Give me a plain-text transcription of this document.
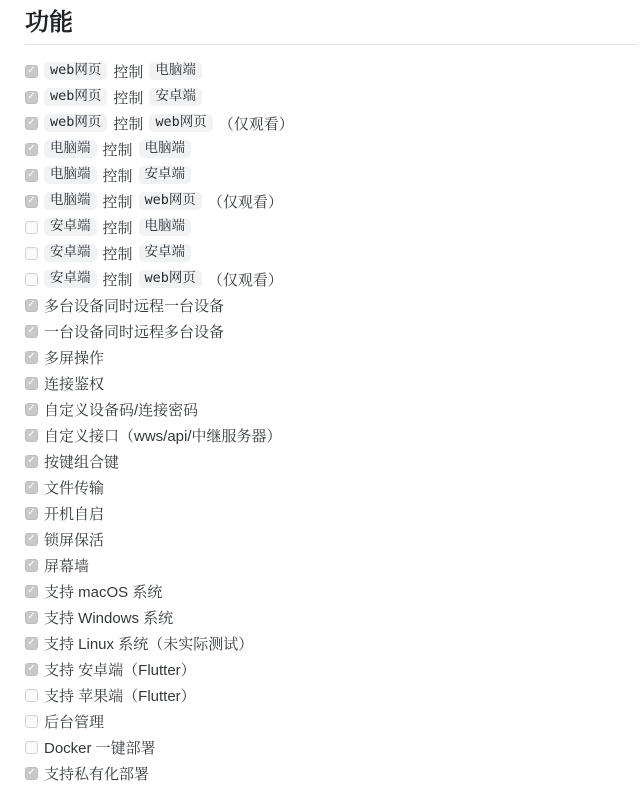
功能
✓	web网页 控制 电脑端
✓	web网页 控制 安卓端
✓	web网页 控制 web网页 （仅观看）
✓	电脑端 控制 电脑端
✓	电脑端 控制 安卓端
✓	电脑端 控制 web网页 （仅观看）
安卓端 控制 电脑端
安卓端 控制 安卓端
安卓端 控制 web网页 （仅观看）
✓ 多台设备同时远程一台设备
✓ 一台设备同时远程多台设备
✓ 多屏操作
✓ 连接鉴权
✓ 自定义设备码/连接密码
✓ 自定义接口（wws/api/中继服务器）
✓ 按键组合键
✓ 文件传输
✓ 开机自启
✓ 锁屏保活
✓ 屏幕墙
✓ 支持 macOS 系统
✓ 支持 Windows 系统
✓ 支持 Linux 系统（未实际测试）
✓ 支持 安卓端（Flutter）
支持 苹果端（Flutter）
后台管理
Docker 一键部署
✓ 支持私有化部署
